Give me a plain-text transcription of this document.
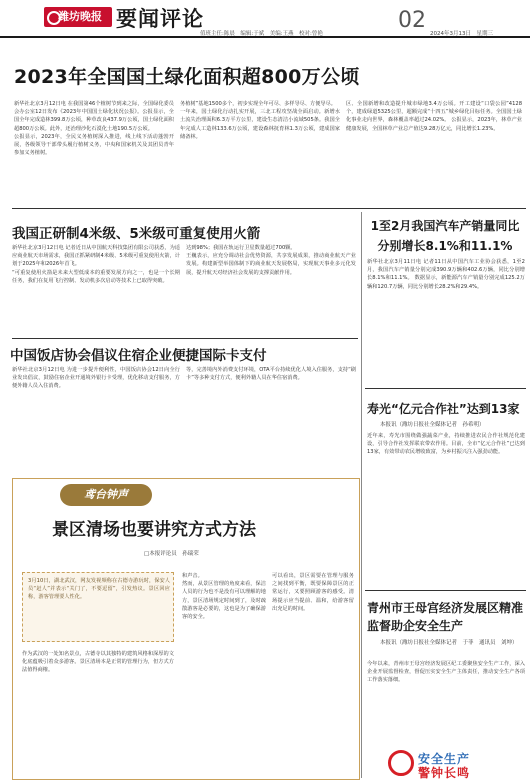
潍坊晚报 要闻评论	02
值班主任:陈晨　编辑:于斌　美编:王燕　校对:曾艳	2024年3月13日　星期三
2023年全国国土绿化面积超800万公顷
新华社北京3月12日电 在我国第46个植树节到来之际，全国绿化委员会办公室12日发布《2023年中国国土绿化状况公报》。公报显示，全国全年完成造林399.8万公顷，种草改良437.9万公顷，国土绿化面积超800万公顷。此外，还治理沙化石漠化土地190.5万公顷。
公报显示，2023年，全民义务植树深入推进，线上线下活动蓬勃开展，各级领导干部带头履行植树义务，中央和国家机关及其团员青年参加义务植树。
务植树”基地1500多个，初步实现全年可尽、多样导尽、方便导尽。
一年来，国土绿化行动扎实开展，三北工程攻坚战全面启动。新增水土流失治理面积6.3万平方公里，建设生态清洁小流域505条。我国全年完成人工造林133.6万公顷，建设森林抚育林1.3万公顷，建成国家储备林。
区、全国新增和改造提升城市绿地3.4万公顷。开工建设“口袋公园”4128个，建成绿道5325公里，超额完成“十四五”城乡绿化目标任务。全国国土绿化事业走向世界，森林覆盖率超过24.02%。 公报显示，2023年，林草产业健康发展，全国林草产业总产值达9.28万亿元，同比增长1.23%。
我国正研制4米级、5米级可重复使用火箭
新华社北京3月12日电 记者近日从中国航天科技集团有限公司获悉，为适应商业航天市场需求，我国正抓紧研制4米级、5米级可重复使用火箭，计划于2025年和2026年首飞。
“可重复使用火箭是未来大型低成本的重要发展方向之一，也是一个长期任务，我们在复用飞行控制、发动机多次启动等技术上已取得突破。
达到98%；我国在轨运行卫星数量超过700颗。
王巍表示，应充分调动社会优势资源，共享发展成果，推动商业航天产业发展。构建新型举国体制下的商业航天发展格局，实现航天事业多元化发展，提升航天对经济社会发展的支撑贡献作用。
中国饭店协会倡议住宿企业便捷国际卡支付
新华社北京3月12日电 为进一步提升便利性，中国饭店协会12日向全行业发出倡议，鼓励住宿企业开通境外银行卡受理，优化移动支付服务，方便外籍人员入住消费。
等，完善境内外消费支付环境，OTA平台持续优化人境入住服务，支持“刷卡”等多种支付方式，便利外籍人员在华住宿消费。
鸢台钟声
景区清场也要讲究方式方法
□本报评论员　孙瑞荣
3月10日，湖北武汉，网友发视频称在古德寺游玩时，保安人员“赶人”并表示“关门了，不要逗留”，引发热议。景区回应称，游客管理要人性化。
作为武汉的一处知名景点，古德寺以其独特的建筑风格和深厚的文化底蕴吸引着众多游客。景区清场本是正常的管理行为，但方式方法值得商榷。
和声音。
然而，从景区管理的角度来看，保洁人员的行为也不是没有可以理解的地方，景区清场规定时间到了，及时疏散游客是必要的，这也是为了确保游客的安全。
可以看出，景区需要在管理与服务之间找到平衡，既要保障景区的正常运行，又要照顾游客的感受。清场提示应当提前、温和，给游客留出充足的时间。
1至2月我国汽车产销量同比分别增长8.1%和11.1%
新华社北京3月11日电 记者11日从中国汽车工业协会获悉，1至2月，我国汽车产销量分别完成390.9万辆和402.6万辆，同比分别增长8.1%和11.1%。 数据显示，新能源汽车产销量分别完成125.2万辆和120.7万辆，同比分别增长28.2%和29.4%。
寿光“亿元合作社”达到13家
本报讯（潍坊日报社全媒体记者　孙希明）
近年来，寿光市围绕做强蔬菜产业，持续推进农民合作社规范化建设，引导合作社发挥联农带农作用。目前，全市“亿元合作社”已达到13家，有效带动农民增收致富，为乡村振兴注入强劲动能。
青州市王母宫经济发展区精准监督助企安全生产
本报讯（潍坊日报社全媒体记者　于菲　通讯员　刘坤）
今年以来，青州市王母宫经济发展区纪工委聚焦安全生产工作，深入企业开展监督检查，督促压实安全生产主体责任，推动安全生产各项工作落实落细。
安全生产
警钟长鸣
